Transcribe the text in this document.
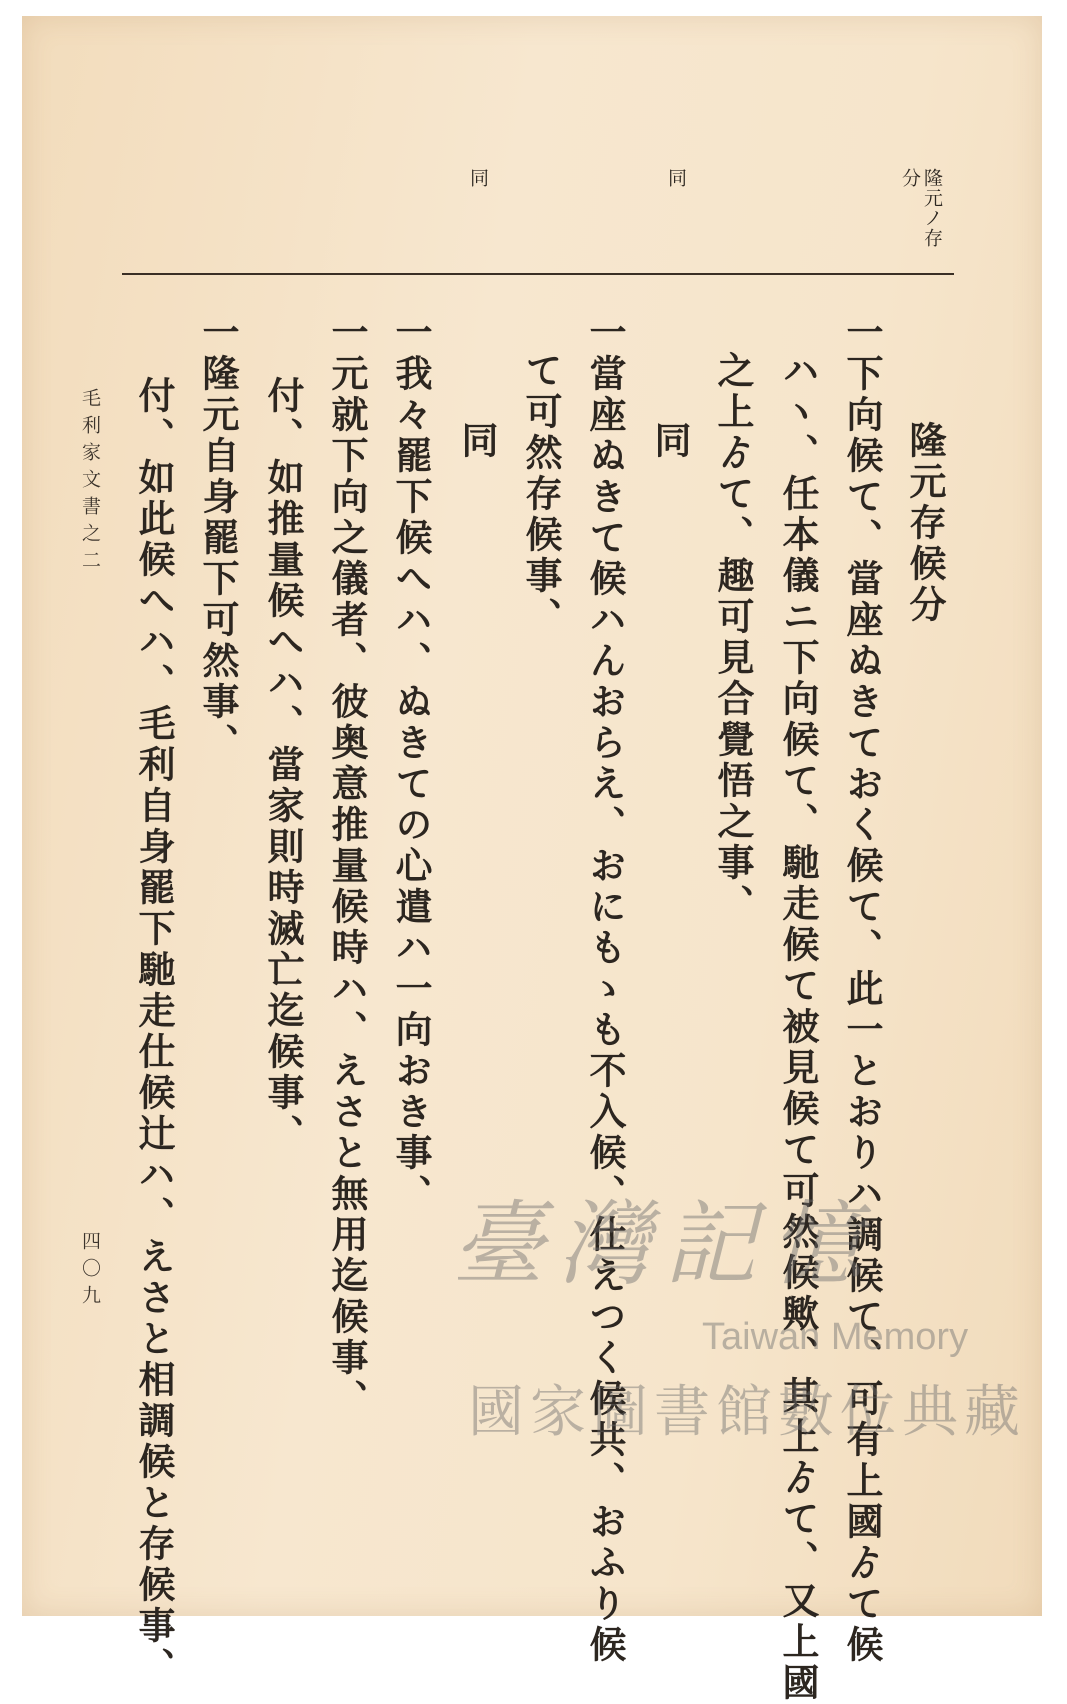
隆元ノ存
分
同
同
隆元存候分
一下向候て、當座ぬきておく候て、此一とおりハ調候て、可有上國ゟて候
ハヽ、任本儀ニ下向候て、馳走候て被見候て可然候歟、其上ゟて、又上國
之上ゟて、趣可見合覺悟之事、
同
一當座ぬきて候ハんおらえ、おにもゝも不入候、仕えつく候共、おふり候
て可然存候事、
同
一我々罷下候へハ、ぬきての心遣ハ一向おき事、
一元就下向之儀者、彼奥意推量候時ハ、えさと無用迄候事、
付、如推量候へハ、當家則時滅亡迄候事、
一隆元自身罷下可然事、
付、如此候へハ、毛利自身罷下馳走仕候辻ハ、えさと相調候と存候事、
毛利家文書之二
四〇九	臺灣記憶
Taiwan Memory
國家圖書館數位典藏
